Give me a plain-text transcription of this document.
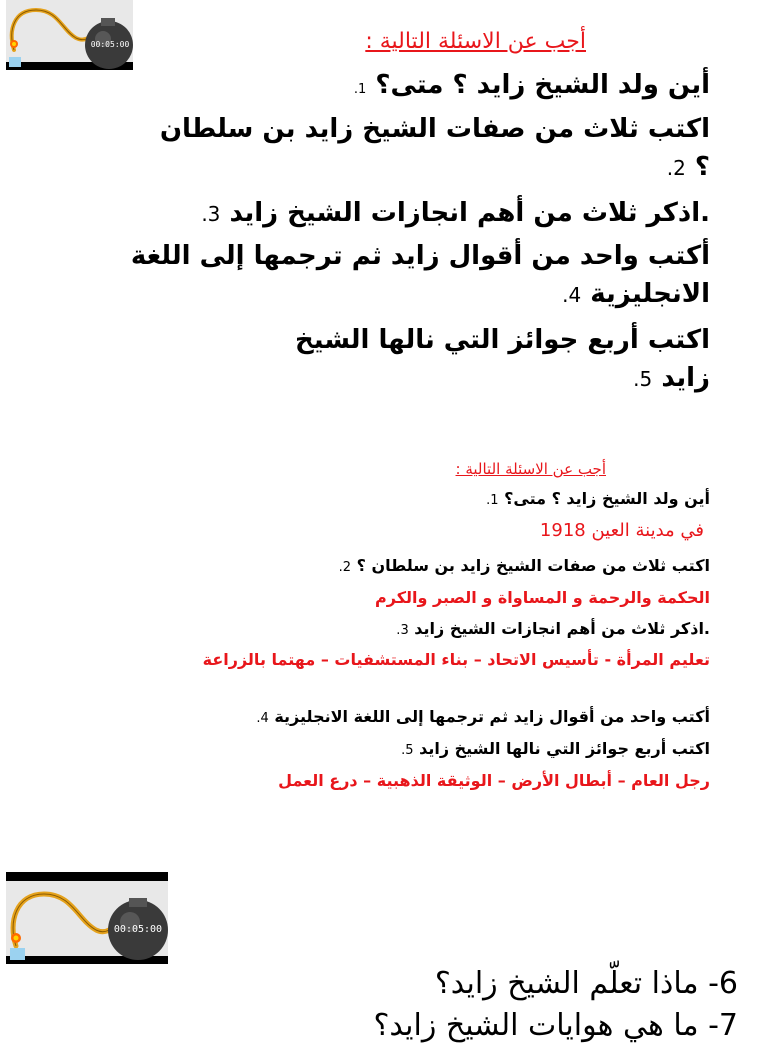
00:05:00	أجب عن الاسئلة التالية :
أين ولد الشيخ زايد ؟ متى؟ 1.
اكتب ثلاث من صفات الشيخ زايد بن سلطان ؟ 2.
.اذكر ثلاث من أهم انجازات الشيخ زايد 3.
أكتب واحد من أقوال زايد ثم ترجمها إلى اللغة الانجليزية 4.
اكتب أربع جوائز التي نالها الشيخ زايد 5.
أجب عن الاسئلة التالية :
أين ولد الشيخ زايد ؟ متى؟ 1.
في مدينة العين 1918
اكتب ثلاث من صفات الشيخ زايد بن سلطان ؟ 2.
الحكمة والرحمة و المساواة و الصبر والكرم
.اذكر ثلاث من أهم انجازات الشيخ زايد 3.
تعليم المرأة - تأسيس الاتحاد – بناء المستشفيات – مهتما بالزراعة
أكتب واحد من أقوال زايد ثم ترجمها إلى اللغة الانجليزية 4.
اكتب أربع جوائز التي نالها الشيخ زايد 5.
رجل العام – أبطال الأرض – الوثيقة الذهبية – درع العمل
00:05:00
6- ماذا تعلّم الشيخ زايد؟
7- ما هي هوايات الشيخ زايد؟
